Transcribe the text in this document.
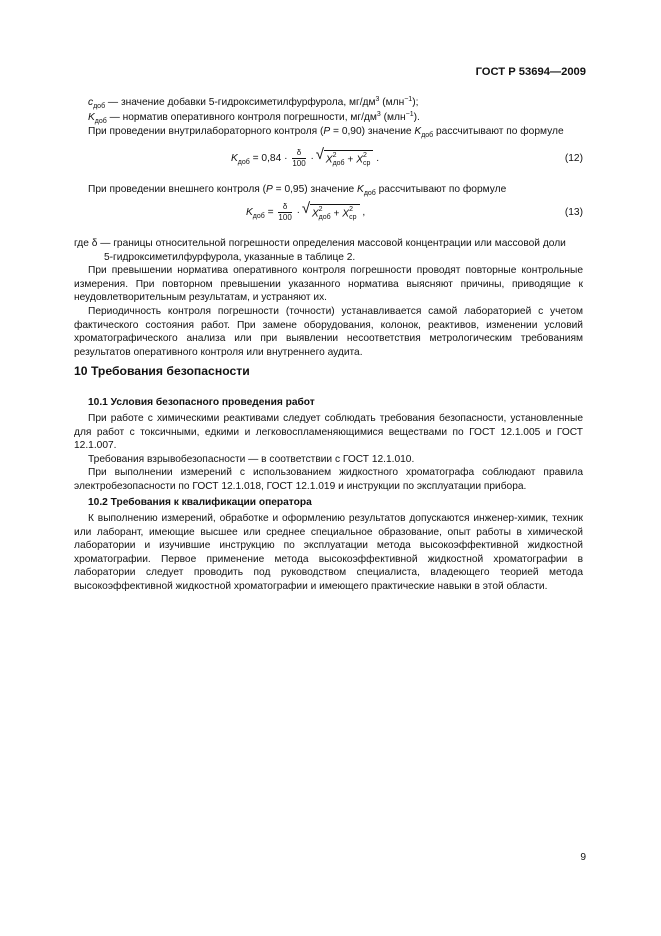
ГОСТ Р 53694—2009

$c_{доб}$ — значение добавки 5-гидроксиметилфурфурола, $мг/дм^3$ (млн$^{-1}$);

$K_{доб}$ — норматив оперативного контроля погрешности, $мг/дм^3$ (млн$^{-1}$).

При проведении внутрилабораторного контроля (P = 0,90) значение $K_{доб}$ рассчитывают по формуле

$K_{доб} = 0,84 \cdot \frac{\delta}{100}$ · √ X 2
доб + X 2
ср .	(12)

При проведении внешнего контроля (P = 0,95) значение $K_{доб}$ рассчитывают по формуле

$K_{доб} = \frac{\delta}{100}$ · √ X 2
доб + X 2
ср ,	(13)

где δ — границы относительной погрешности определения массовой концентрации или массовой доли

5-гидроксиметилфурфурола, указанные в таблице 2.

При превышении норматива оперативного контроля погрешности проводят повторные контрольные измерения. При повторном превышении указанного норматива выясняют причины, приводящие к неудовлетворительным результатам, и устраняют их.

Периодичность контроля погрешности (точности) устанавливается самой лабораторией с учетом фактического состояния работ. При замене оборудования, колонок, реактивов, изменении условий хроматографического анализа или при выявлении несоответствия метрологическим требованиям результатов оперативного контроля или внутреннего аудита.

10 Требования безопасности
10.1 Условия безопасного проведения работ

При работе с химическими реактивами следует соблюдать требования безопасности, установленные для работ с токсичными, едкими и легковоспламеняющимися веществами по ГОСТ 12.1.005 и ГОСТ 12.1.007.

Требования взрывобезопасности — в соответствии с ГОСТ 12.1.010.

При выполнении измерений с использованием жидкостного хроматографа соблюдают правила электробезопасности по ГОСТ 12.1.018, ГОСТ 12.1.019 и инструкции по эксплуатации прибора.

10.2 Требования к квалификации оператора

К выполнению измерений, обработке и оформлению результатов допускаются инженер-химик, техник или лаборант, имеющие высшее или среднее специальное образование, опыт работы в химической лаборатории и изучившие инструкцию по эксплуатации метода высокоэффективной жидкостной хроматографии. Первое применение метода высокоэффективной жидкостной хроматографии в лаборатории следует проводить под руководством специалиста, владеющего теорией метода высокоэффективной жидкостной хроматографии и имеющего практические навыки в этой области.

9
